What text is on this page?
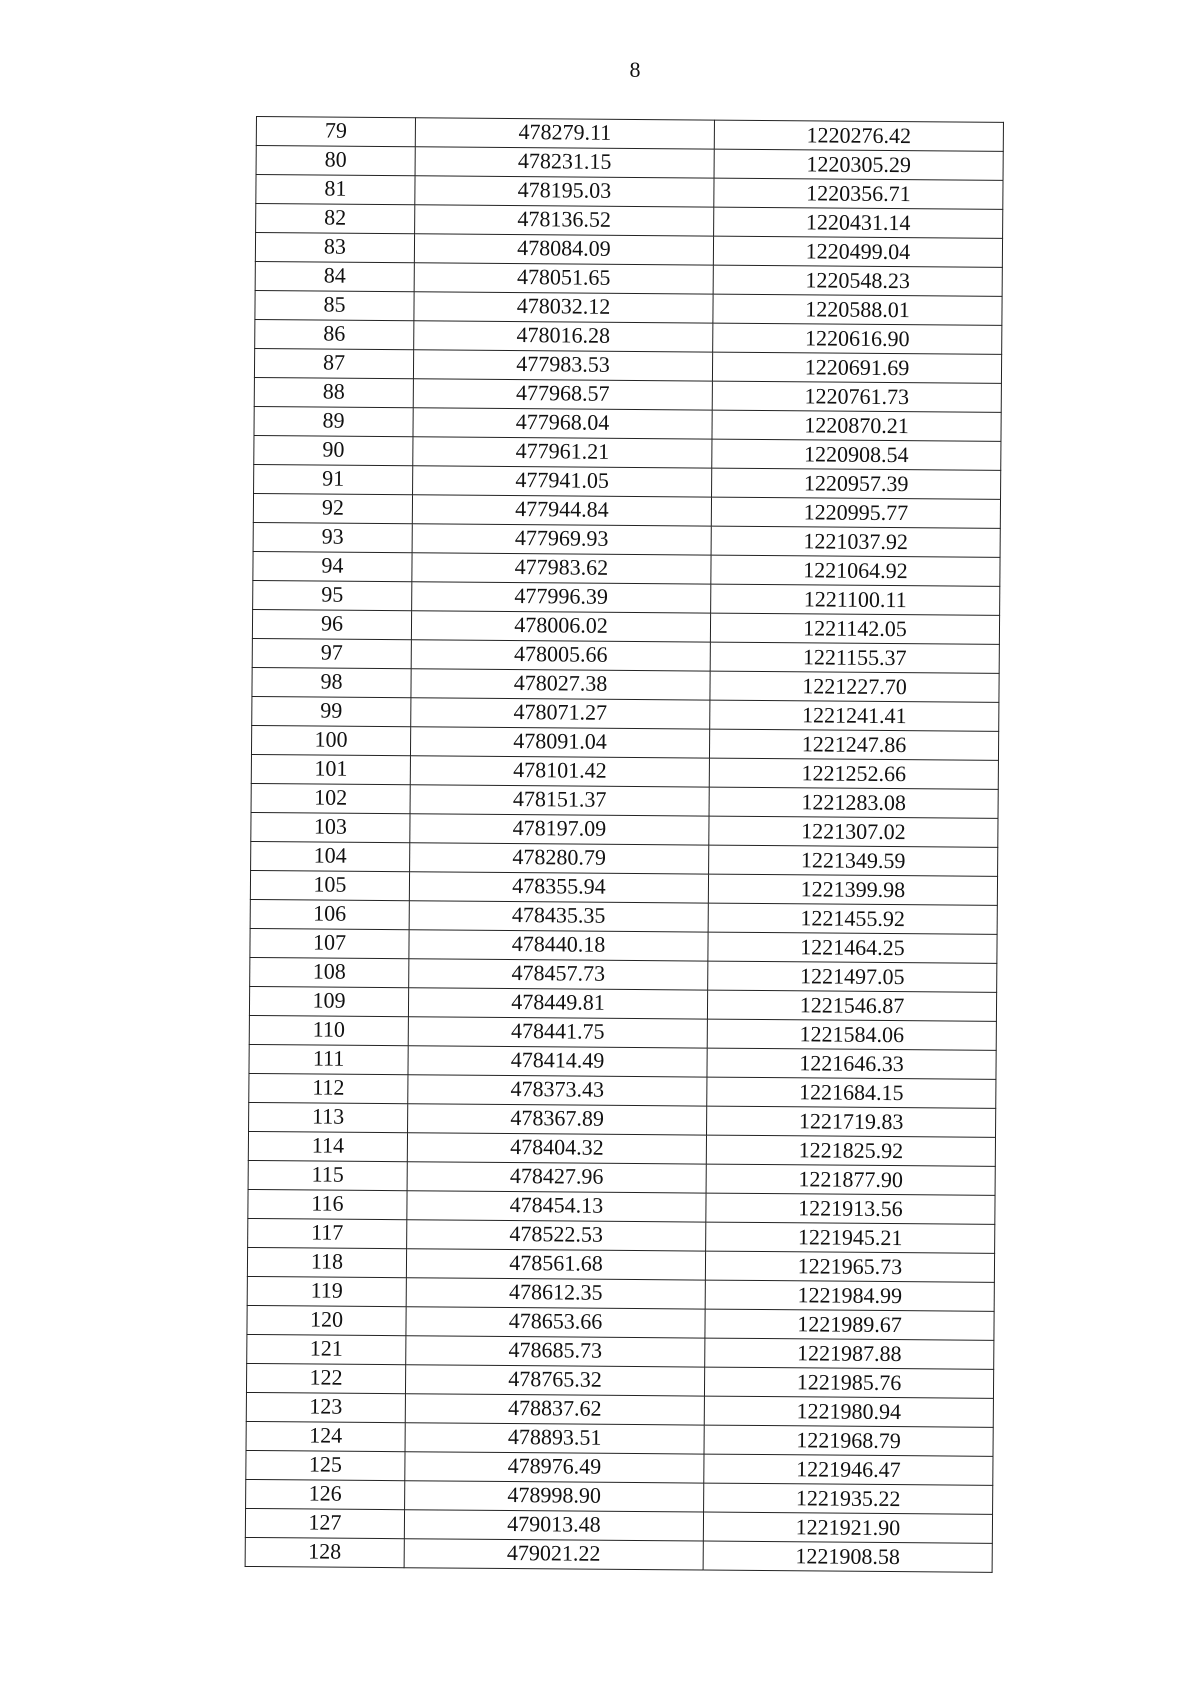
8
79	478279.11	1220276.42
80	478231.15	1220305.29
81	478195.03	1220356.71
82	478136.52	1220431.14
83	478084.09	1220499.04
84	478051.65	1220548.23
85	478032.12	1220588.01
86	478016.28	1220616.90
87	477983.53	1220691.69
88	477968.57	1220761.73
89	477968.04	1220870.21
90	477961.21	1220908.54
91	477941.05	1220957.39
92	477944.84	1220995.77
93	477969.93	1221037.92
94	477983.62	1221064.92
95	477996.39	1221100.11
96	478006.02	1221142.05
97	478005.66	1221155.37
98	478027.38	1221227.70
99	478071.27	1221241.41
100	478091.04	1221247.86
101	478101.42	1221252.66
102	478151.37	1221283.08
103	478197.09	1221307.02
104	478280.79	1221349.59
105	478355.94	1221399.98
106	478435.35	1221455.92
107	478440.18	1221464.25
108	478457.73	1221497.05
109	478449.81	1221546.87
110	478441.75	1221584.06
111	478414.49	1221646.33
112	478373.43	1221684.15
113	478367.89	1221719.83
114	478404.32	1221825.92
115	478427.96	1221877.90
116	478454.13	1221913.56
117	478522.53	1221945.21
118	478561.68	1221965.73
119	478612.35	1221984.99
120	478653.66	1221989.67
121	478685.73	1221987.88
122	478765.32	1221985.76
123	478837.62	1221980.94
124	478893.51	1221968.79
125	478976.49	1221946.47
126	478998.90	1221935.22
127	479013.48	1221921.90
128	479021.22	1221908.58
